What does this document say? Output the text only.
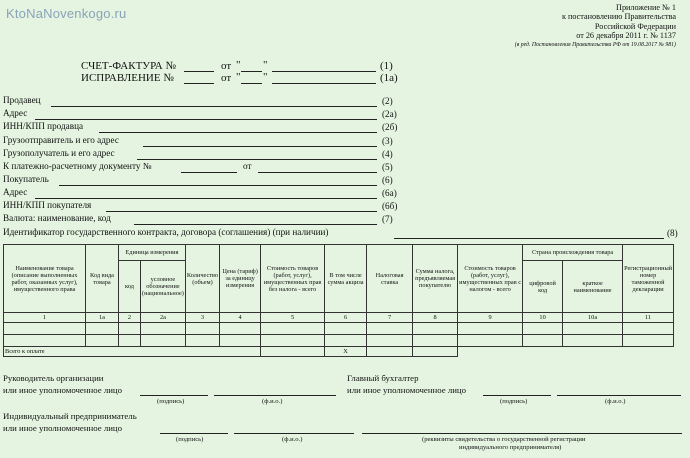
KtoNaNovenkogo.ru	Приложение № 1
к постановлению Правительства
Российской Федерации
от 26 декабря 2011 г. № 1137
(в ред. Постановления Правительства РФ от 19.08.2017 № 981)
СЧЕТ-ФАКТУРА №	от " "	(1)
ИСПРАВЛЕНИЕ №	от " "	(1а)
Продавец	(2)
Адрес	(2а)
ИНН/КПП продавца	(2б)
Грузоотправитель и его адрес	(3)
Грузополучатель и его адрес	(4)
К платежно-расчетному документу №	от	(5)
Покупатель	(6)
Адрес	(6а)
ИНН/КПП покупателя	(6б)
Валюта: наименование, код	(7)
Идентификатор государственного контракта, договора (соглашения) (при наличии)	(8)
Наименование товара (описание выполненных работ, оказанных услуг), имущественного права	Код вида товара	Единица измерения		Количество (объем)	Цена (тариф) за единицу измерения	Стоимость товаров (работ, услуг), имущественных прав без налога - всего	В том числе сумма акциза	Налоговая ставка	Сумма налога, предъявляемая покупателю	Стоимость товаров (работ, услуг), имущественных прав с налогом - всего	Страна происхождения товара		Регистрационный номер таможенной декларации
		код	условное обозначение (национальное)								цифровой код	краткое наименование	
1	1а	2	2а	3	4	5	6	7	8	9	10	10а	11

Всего к оплате							X						
Руководитель организации
или иное уполномоченное лицо
(подпись)	(ф.и.о.)
Главный бухгалтер
или иное уполномоченное лицо
(подпись)	(ф.и.о.)
Индивидуальный предприниматель
или иное уполномоченное лицо
(подпись)	(ф.и.о.)	(реквизиты свидетельства о государственной регистрации
индивидуального предпринимателя)
